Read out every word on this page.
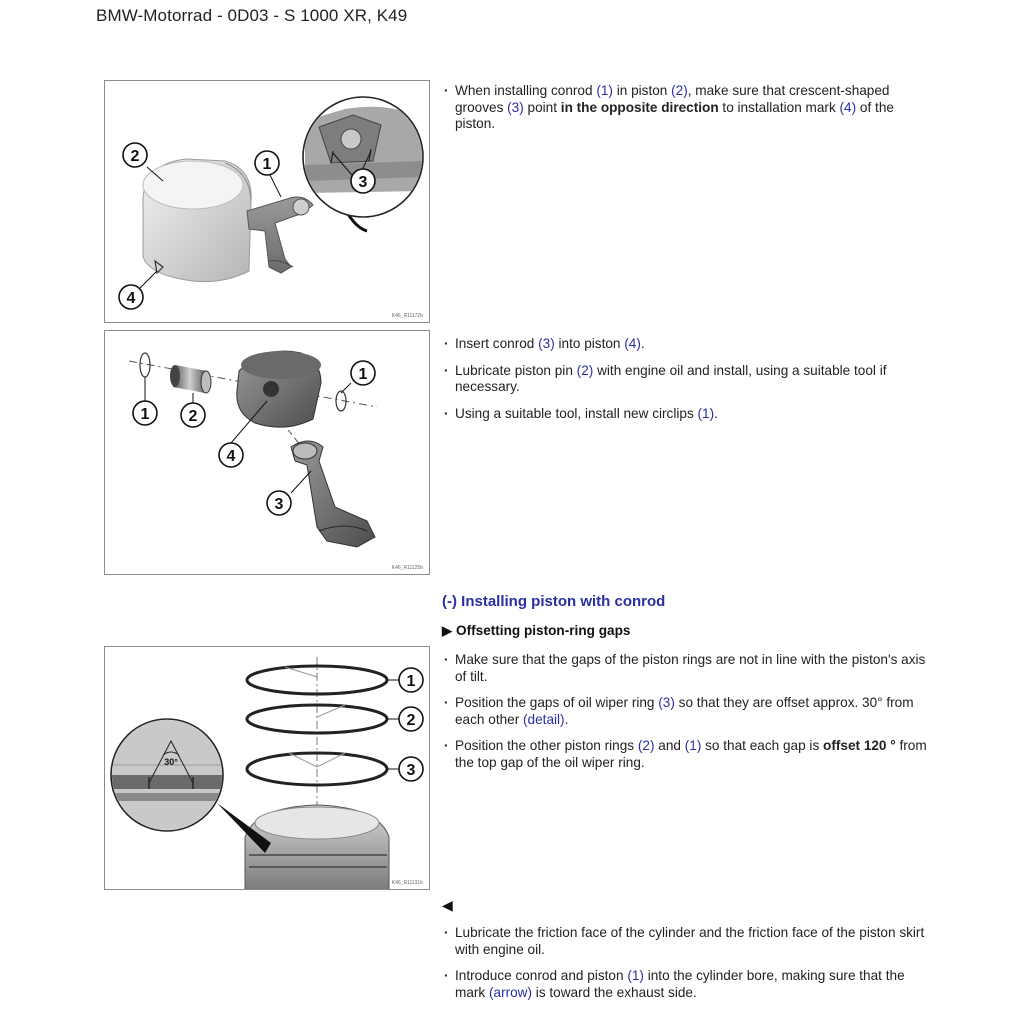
BMW-Motorrad - 0D03 - S 1000 XR, K49
2	1
3
4
K46_R11172b
1 2
1
4
3
K46_R11125b
30°
1
2
3
K46_R11131b
· When installing conrod (1) in piston (2), make sure that crescent-shaped grooves (3) point in the opposite direction to installation mark (4) of the piston.
· Insert conrod (3) into piston (4).
· Lubricate piston pin (2) with engine oil and install, using a suitable tool if necessary.
· Using a suitable tool, install new circlips (1).
(-) Installing piston with conrod
▶ Offsetting piston-ring gaps
· Make sure that the gaps of the piston rings are not in line with the piston's axis of tilt.
· Position the gaps of oil wiper ring (3) so that they are offset approx. 30° from each other (detail).
· Position the other piston rings (2) and (1) so that each gap is offset 120 ° from the top gap of the oil wiper ring.
◀
· Lubricate the friction face of the cylinder and the friction face of the piston skirt with engine oil.
· Introduce conrod and piston (1) into the cylinder bore, making sure that the mark (arrow) is toward the exhaust side.
